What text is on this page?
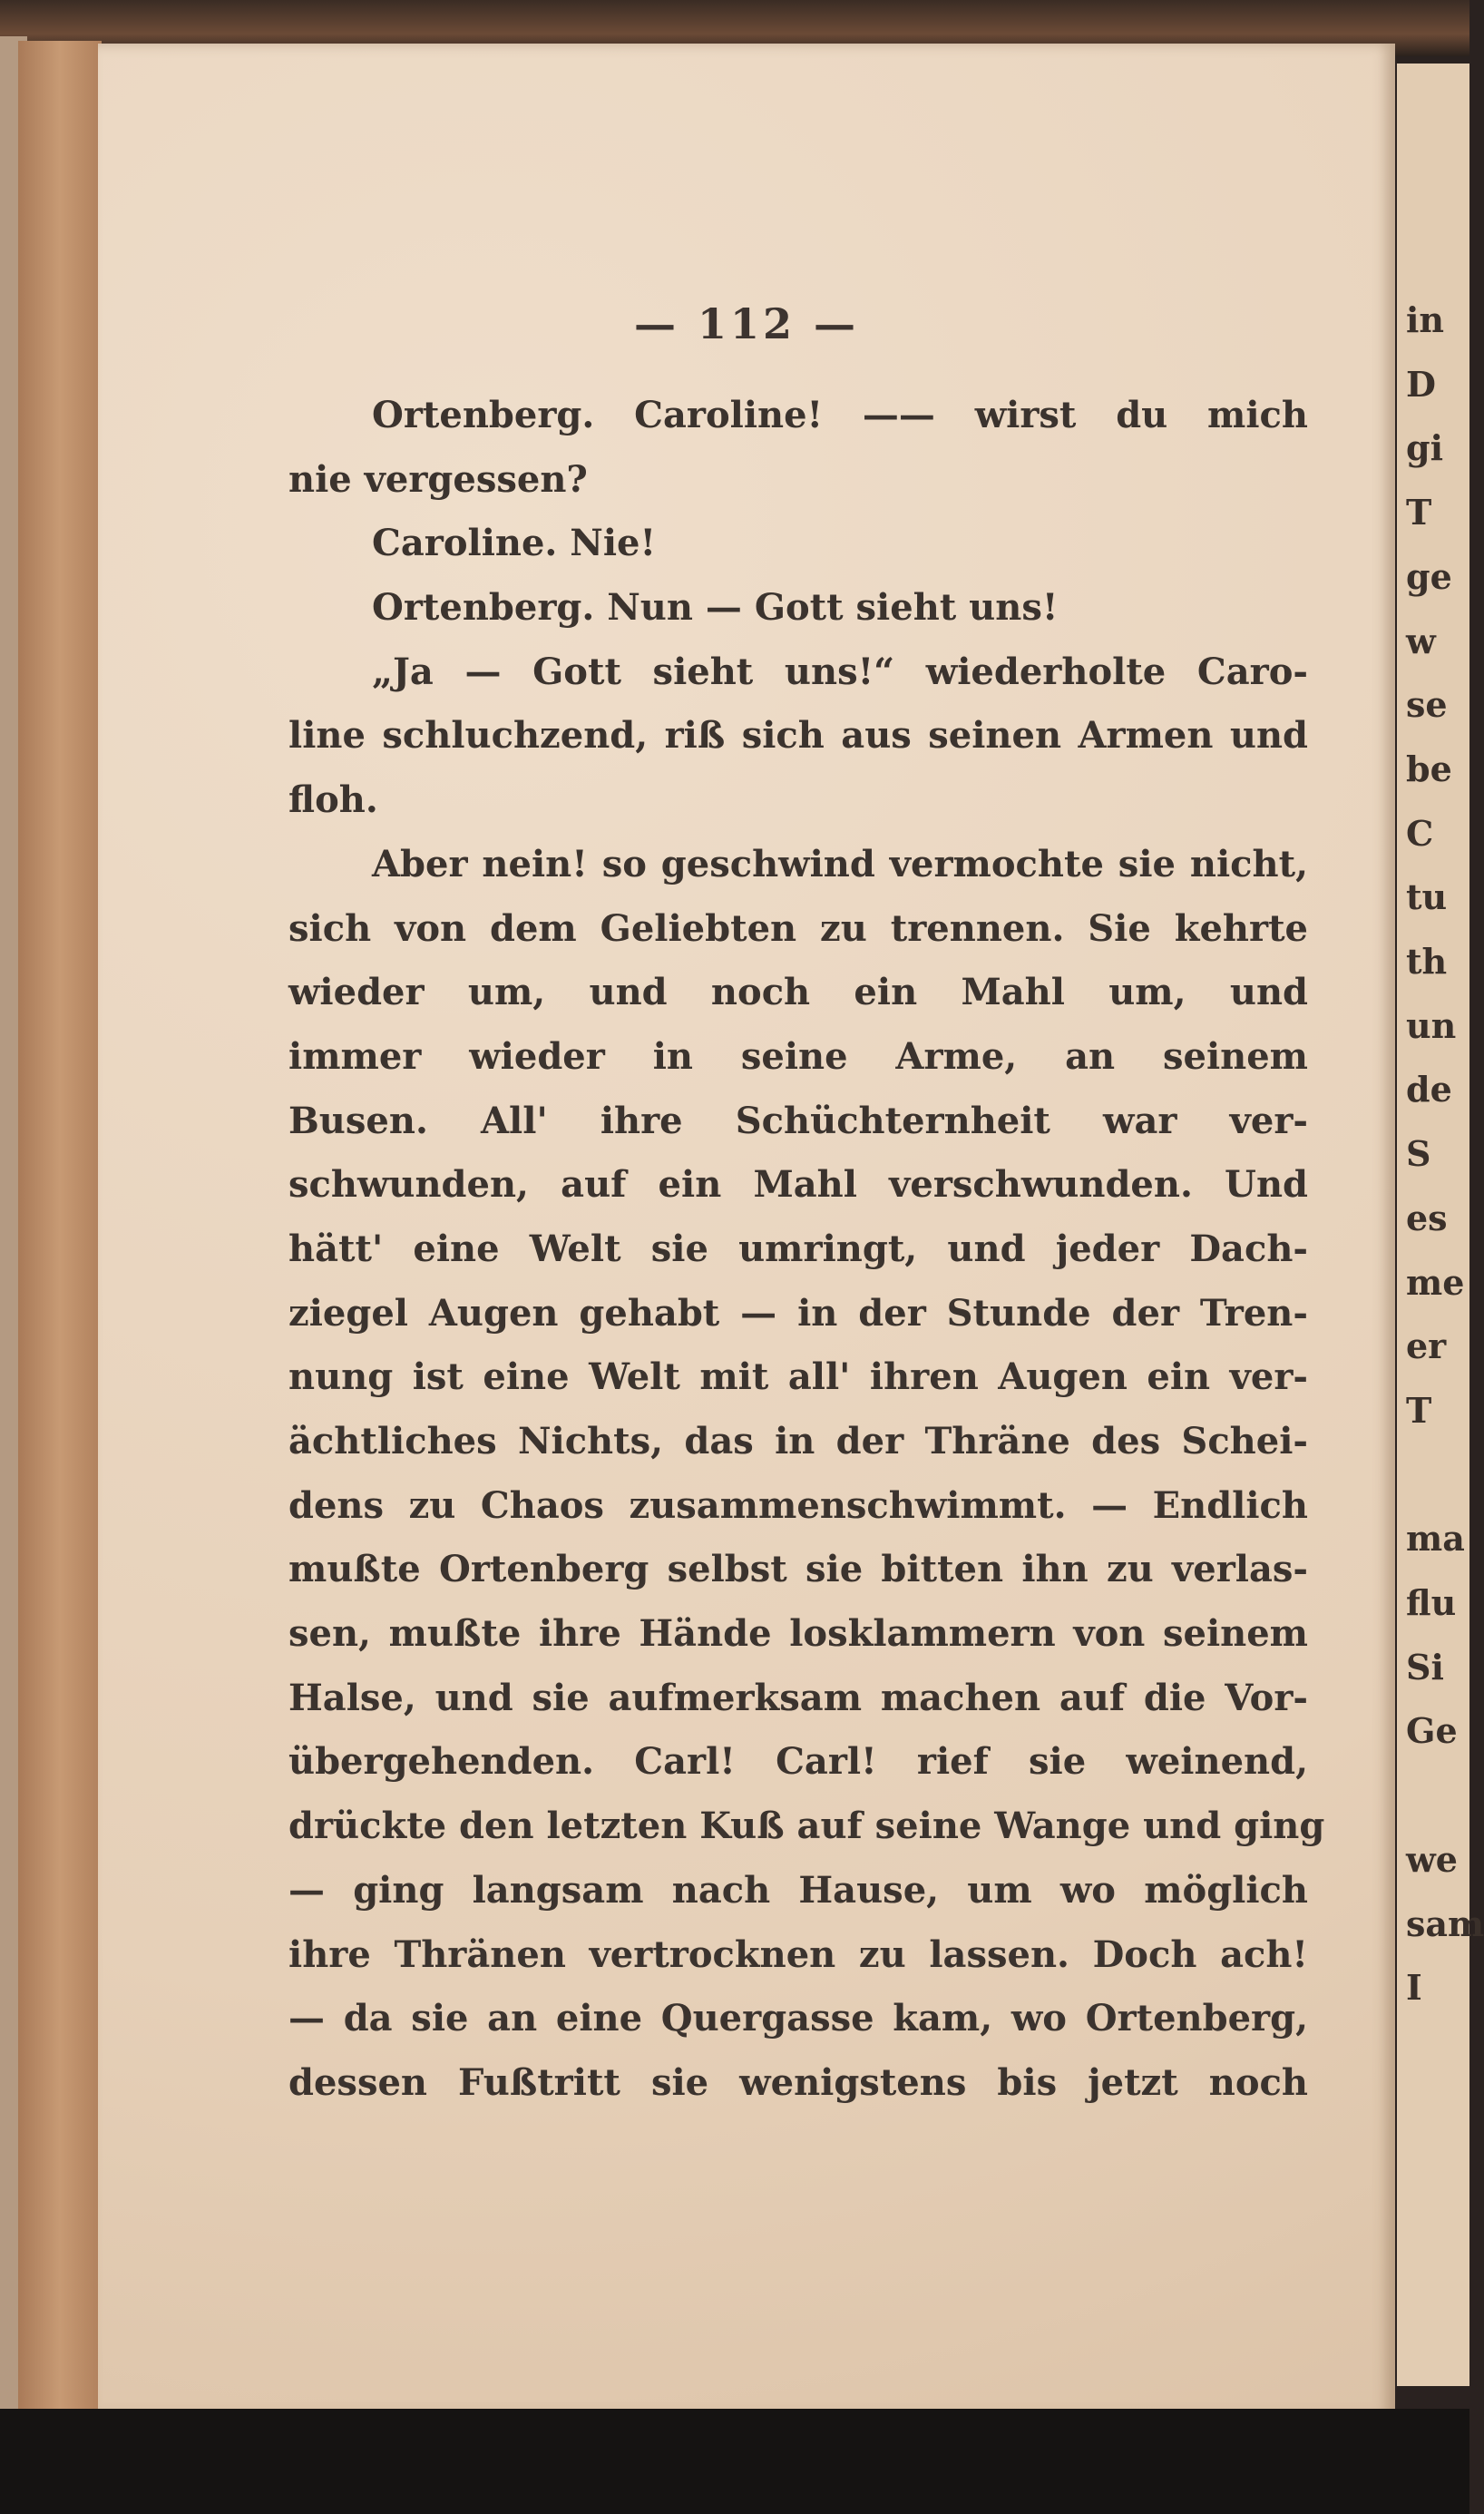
— 112 —
Ortenberg. Caroline! —— wirst du mich
nie vergessen?
Caroline. Nie!
Ortenberg. Nun — Gott sieht uns!
„Ja — Gott sieht uns!“ wiederholte Caro-
line schluchzend, riß sich aus seinen Armen und
floh.
Aber nein! so geschwind vermochte sie nicht,
sich von dem Geliebten zu trennen. Sie kehrte
wieder um, und noch ein Mahl um, und
immer wieder in seine Arme, an seinem
Busen. All' ihre Schüchternheit war ver-
schwunden, auf ein Mahl verschwunden. Und
hätt' eine Welt sie umringt, und jeder Dach-
ziegel Augen gehabt — in der Stunde der Tren-
nung ist eine Welt mit all' ihren Augen ein ver-
ächtliches Nichts, das in der Thräne des Schei-
dens zu Chaos zusammenschwimmt. — Endlich
mußte Ortenberg selbst sie bitten ihn zu verlas-
sen, mußte ihre Hände losklammern von seinem
Halse, und sie aufmerksam machen auf die Vor-
übergehenden. Carl! Carl! rief sie weinend,
drückte den letzten Kuß auf seine Wange und ging
— ging langsam nach Hause, um wo möglich
ihre Thränen vertrocknen zu lassen. Doch ach!
— da sie an eine Quergasse kam, wo Ortenberg,
dessen Fußtritt sie wenigstens bis jetzt noch
in
D
gi
T
ge
w
se
be
C
tu
th
un
de
S
es
me
er
T
ma
flu
Si
Ge
we
sam
I
